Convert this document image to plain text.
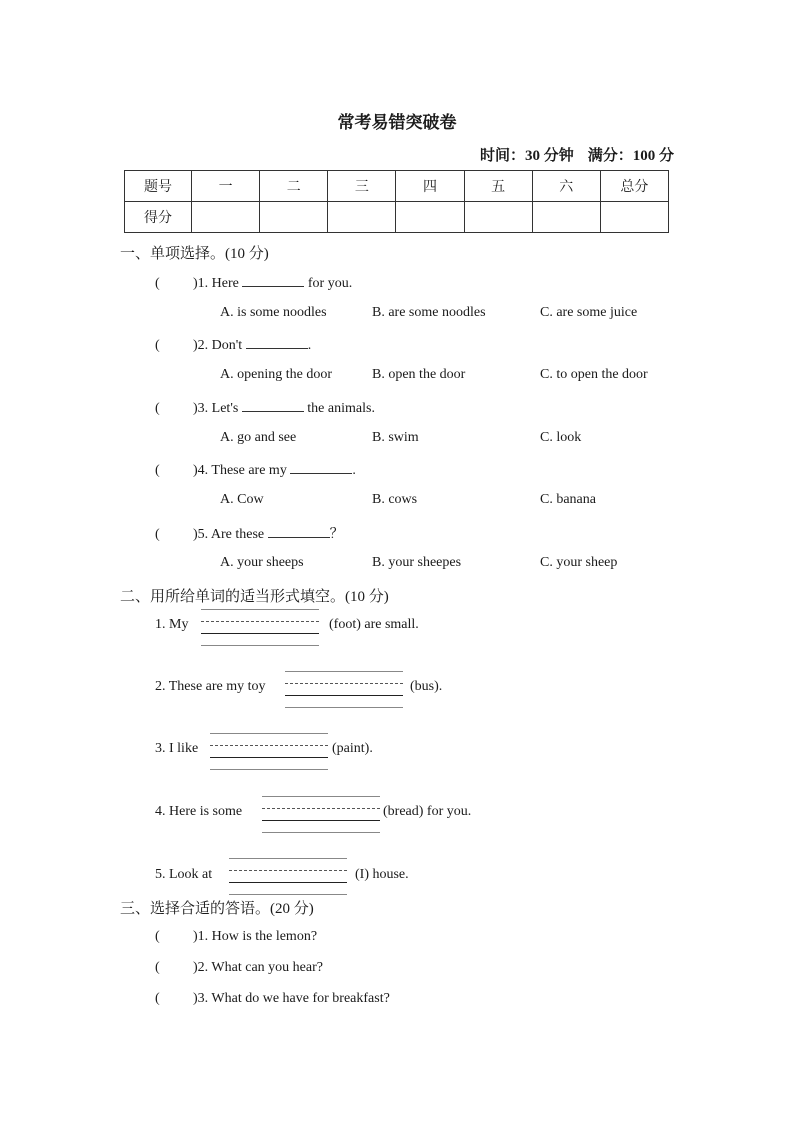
常考易错突破卷
时间：30 分钟 满分：100 分
题号	一	二	三	四	五	六	总分
得分							
一、单项选择。(10 分)
( )1. Here	for you.
A. is some noodles	B. are some noodles	C. are some juice
( )2. Don't	.
A. opening the door	B. open the door	C. to open the door
( )3. Let's	the animals.
A. go and see	B. swim	C. look
( )4. These are my	.
A. Cow	B. cows	C. banana
( )5. Are these	？
A. your sheeps	B. your sheepes	C. your sheep
二、用所给单词的适当形式填空。(10 分)
1. My	(foot) are small.
2. These are my toy	(bus).
3. I like	(paint).
4. Here is some	(bread) for you.
5. Look at	(I) house.
三、选择合适的答语。(20 分)
( )1. How is the lemon?
( )2. What can you hear?
( )3. What do we have for breakfast?
